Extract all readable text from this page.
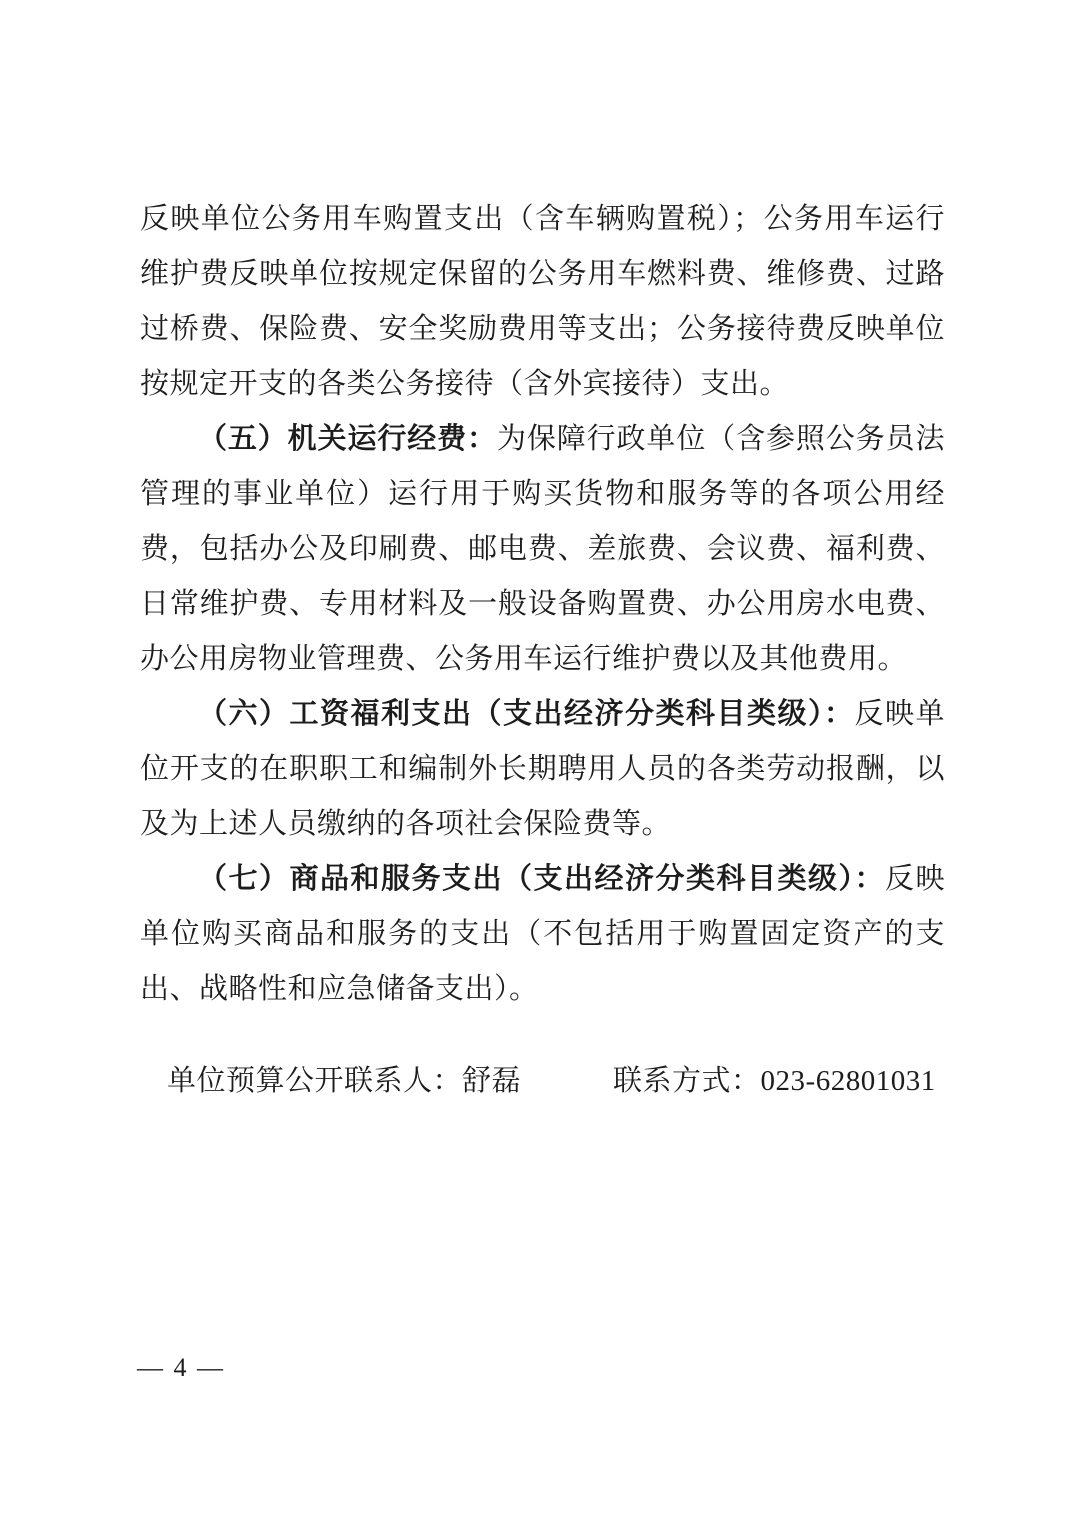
反映单位公务用车购置支出（含车辆购置税）；公务用车运行维护费反映单位按规定保留的公务用车燃料费、维修费、过路过桥费、保险费、安全奖励费用等支出；公务接待费反映单位按规定开支的各类公务接待（含外宾接待）支出。

（五）机关运行经费：为保障行政单位（含参照公务员法管理的事业单位）运行用于购买货物和服务等的各项公用经费，包括办公及印刷费、邮电费、差旅费、会议费、福利费、日常维护费、专用材料及一般设备购置费、办公用房水电费、办公用房物业管理费、公务用车运行维护费以及其他费用。

（六）工资福利支出（支出经济分类科目类级）：反映单位开支的在职职工和编制外长期聘用人员的各类劳动报酬，以及为上述人员缴纳的各项社会保险费等。

（七）商品和服务支出（支出经济分类科目类级）：反映单位购买商品和服务的支出（不包括用于购置固定资产的支出、战略性和应急储备支出）。

单位预算公开联系人：舒磊	联系方式：023-62801031

— 4 —
